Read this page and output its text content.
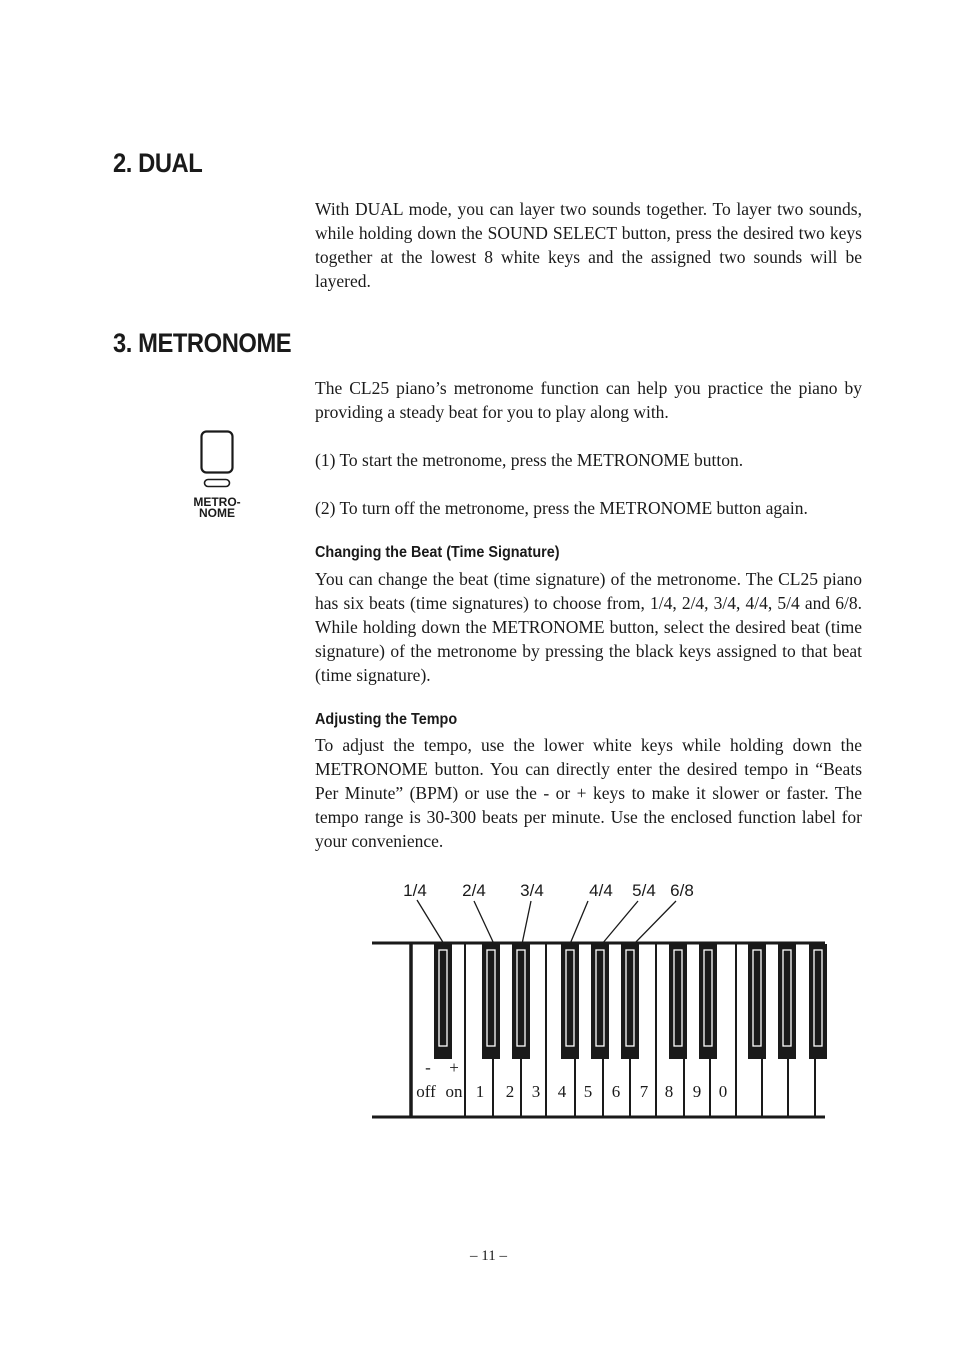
2. DUAL

With DUAL mode, you can layer two sounds together. To layer two sounds, while holding down the SOUND SELECT button, press the desired two keys together at the lowest 8 white keys and the assigned two sounds will be layered.

3. METRONOME

The CL25 piano’s metronome function can help you practice the piano by providing a steady beat for you to play along with.

(1) To start the metronome, press the METRONOME button.

(2) To turn off the metronome, press the METRONOME button again.

METRO-
NOME
Changing the Beat (Time Signature)

You can change the beat (time signature) of the metronome. The CL25 piano has six beats (time signatures) to choose from, 1/4, 2/4, 3/4, 4/4, 5/4 and 6/8. While holding down the METRONOME button, select the desired beat (time signature) of the metronome by pressing the black keys assigned to that beat (time signature).

Adjusting the Tempo

To adjust the tempo, use the lower white keys while holding down the METRONOME button. You can directly enter the desired tempo in “Beats Per Minute” (BPM) or use the - or + keys to make it slower or faster. The tempo range is 30-300 beats per minute. Use the enclosed function label for your convenience.

1/4 2/4 3/4	4/4 5/4 6/8
- +
off on 1 2 3 4 5 6 7 8 9 0
– 11 –
